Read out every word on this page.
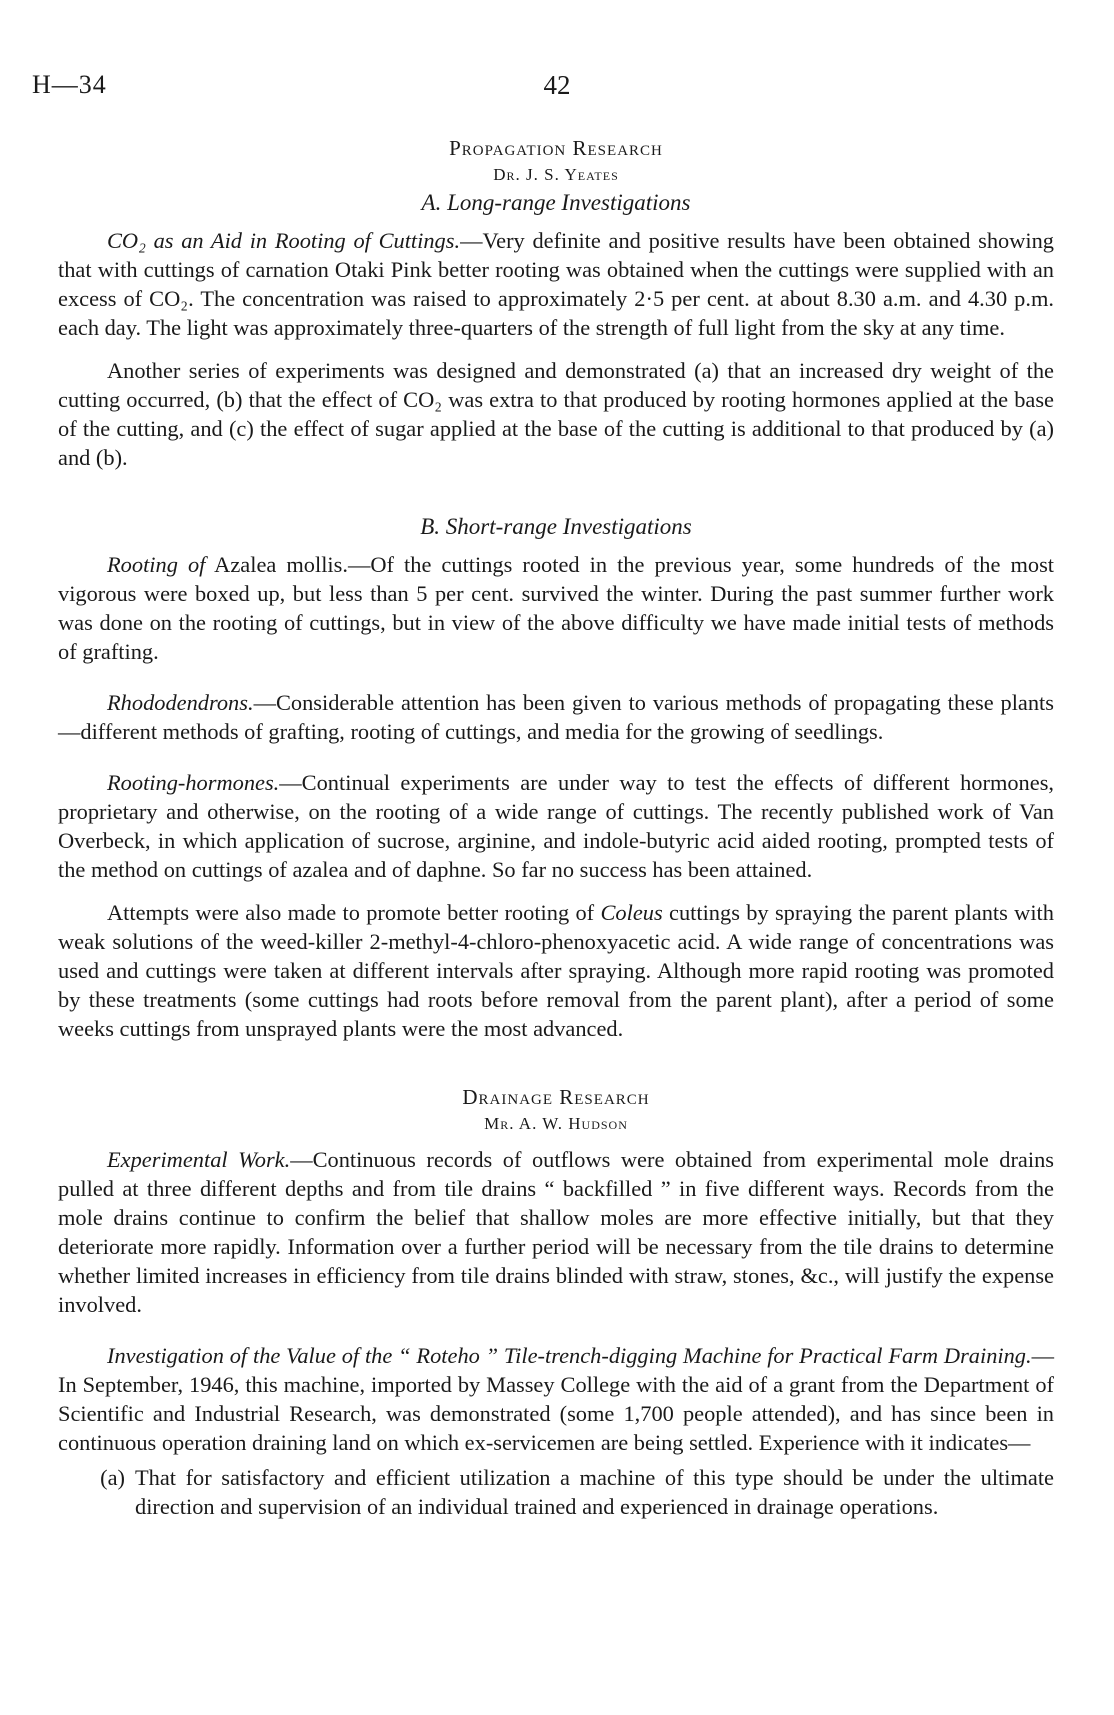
H—34	42
Propagation Research
Dr. J. S. Yeates
A. Long-range Investigations

CO₂ as an Aid in Rooting of Cuttings.—Very definite and positive results have been obtained showing that with cuttings of carnation Otaki Pink better rooting was obtained when the cuttings were supplied with an excess of CO₂. The concentration was raised to approximately 2·5 per cent. at about 8.30 a.m. and 4.30 p.m. each day. The light was approximately three-quarters of the strength of full light from the sky at any time.

Another series of experiments was designed and demonstrated (a) that an increased dry weight of the cutting occurred, (b) that the effect of CO₂ was extra to that produced by rooting hormones applied at the base of the cutting, and (c) the effect of sugar applied at the base of the cutting is additional to that produced by (a) and (b).

B. Short-range Investigations

Rooting of Azalea mollis.—Of the cuttings rooted in the previous year, some hundreds of the most vigorous were boxed up, but less than 5 per cent. survived the winter. During the past summer further work was done on the rooting of cuttings, but in view of the above difficulty we have made initial tests of methods of grafting.

Rhododendrons.—Considerable attention has been given to various methods of propagating these plants—different methods of grafting, rooting of cuttings, and media for the growing of seedlings.

Rooting-hormones.—Continual experiments are under way to test the effects of different hormones, proprietary and otherwise, on the rooting of a wide range of cuttings. The recently published work of Van Overbeck, in which application of sucrose, arginine, and indole-butyric acid aided rooting, prompted tests of the method on cuttings of azalea and of daphne. So far no success has been attained.

Attempts were also made to promote better rooting of Coleus cuttings by spraying the parent plants with weak solutions of the weed-killer 2-methyl-4-chloro-phenoxyacetic acid. A wide range of concentrations was used and cuttings were taken at different intervals after spraying. Although more rapid rooting was promoted by these treatments (some cuttings had roots before removal from the parent plant), after a period of some weeks cuttings from unsprayed plants were the most advanced.

Drainage Research
Mr. A. W. Hudson

Experimental Work.—Continuous records of outflows were obtained from experimental mole drains pulled at three different depths and from tile drains “ backfilled ” in five different ways. Records from the mole drains continue to confirm the belief that shallow moles are more effective initially, but that they deteriorate more rapidly. Information over a further period will be necessary from the tile drains to determine whether limited increases in efficiency from tile drains blinded with straw, stones, &c., will justify the expense involved.

Investigation of the Value of the “ Roteho ” Tile-trench-digging Machine for Practical Farm Draining.—In September, 1946, this machine, imported by Massey College with the aid of a grant from the Department of Scientific and Industrial Research, was demonstrated (some 1,700 people attended), and has since been in continuous operation draining land on which ex-servicemen are being settled. Experience with it indicates—

(a) That for satisfactory and efficient utilization a machine of this type should be under the ultimate direction and supervision of an individual trained and experienced in drainage operations.
